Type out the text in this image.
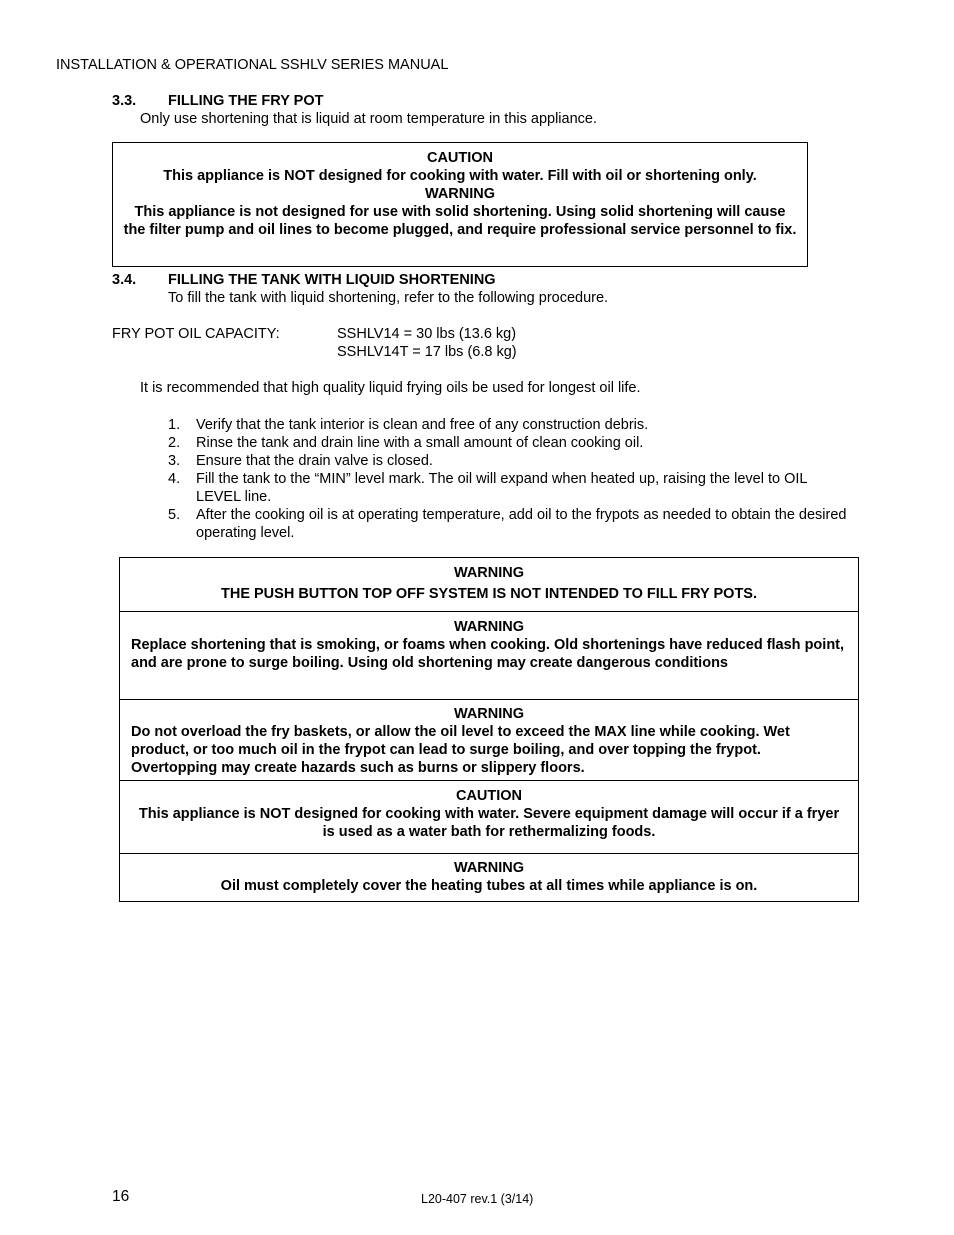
INSTALLATION & OPERATIONAL SSHLV SERIES MANUAL
3.3. FILLING THE FRY POT
Only use shortening that is liquid at room temperature in this appliance.

CAUTION

This appliance is NOT designed for cooking with water. Fill with oil or shortening only.

WARNING

This appliance is not designed for use with solid shortening. Using solid shortening will cause the filter pump and oil lines to become plugged, and require professional service personnel to fix.

3.4. FILLING THE TANK WITH LIQUID SHORTENING
To fill the tank with liquid shortening, refer to the following procedure.
FRY POT OIL CAPACITY:	SSHLV14 = 30 lbs (13.6 kg)
SSHLV14T = 17 lbs (6.8 kg)
It is recommended that high quality liquid frying oils be used for longest oil life.
1. Verify that the tank interior is clean and free of any construction debris.
2. Rinse the tank and drain line with a small amount of clean cooking oil.
3. Ensure that the drain valve is closed.
4. Fill the tank to the “MIN” level mark. The oil will expand when heated up, raising the level to OIL LEVEL line.
5. After the cooking oil is at operating temperature, add oil to the frypots as needed to obtain the desired operating level.

WARNING

THE PUSH BUTTON TOP OFF SYSTEM IS NOT INTENDED TO FILL FRY POTS.

WARNING

Replace shortening that is smoking, or foams when cooking. Old shortenings have reduced flash point, and are prone to surge boiling. Using old shortening may create dangerous conditions

WARNING

Do not overload the fry baskets, or allow the oil level to exceed the MAX line while cooking. Wet product, or too much oil in the frypot can lead to surge boiling, and over topping the frypot. Overtopping may create hazards such as burns or slippery floors.

CAUTION

This appliance is NOT designed for cooking with water. Severe equipment damage will occur if a fryer is used as a water bath for rethermalizing foods.

WARNING

Oil must completely cover the heating tubes at all times while appliance is on.

16	L20-407 rev.1 (3/14)
